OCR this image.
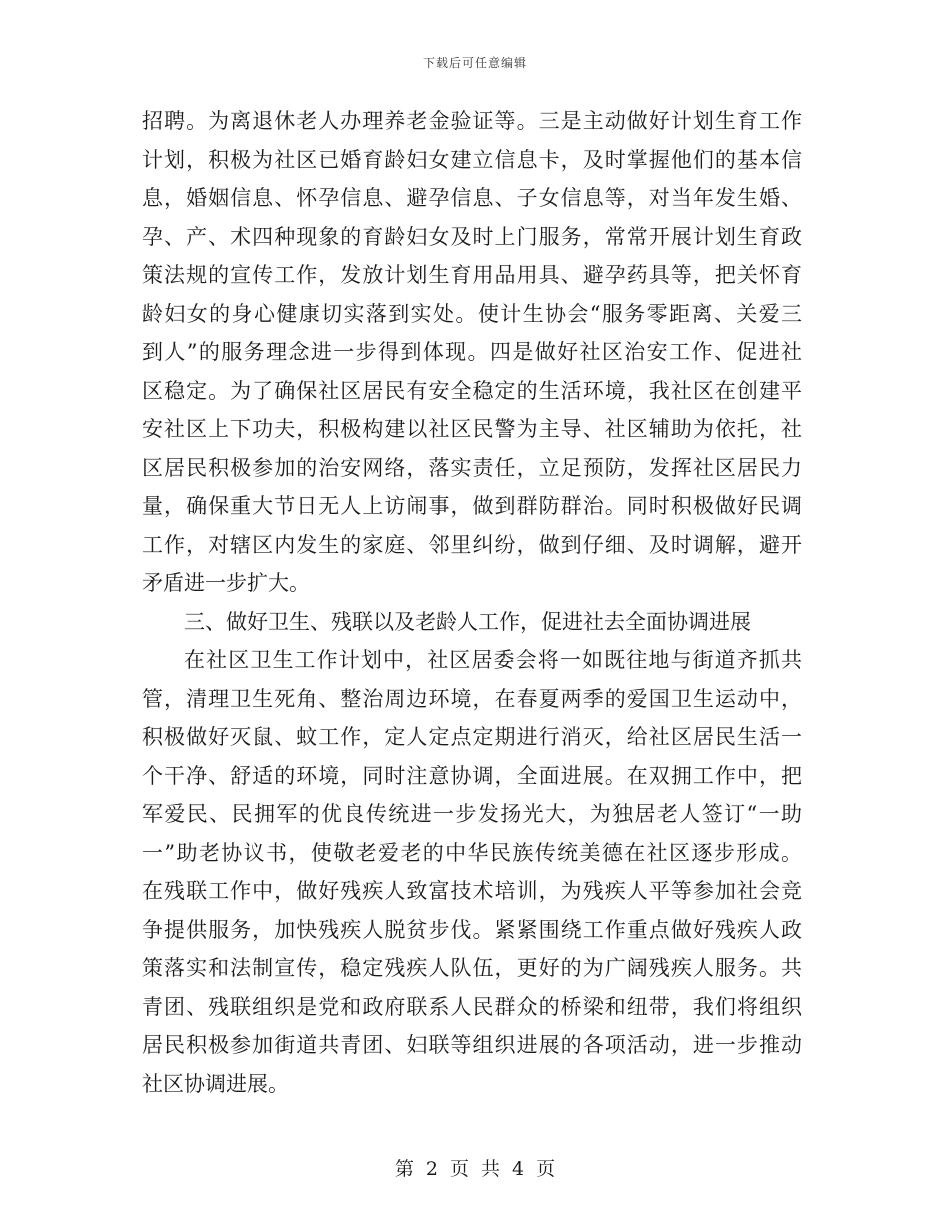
下载后可任意编辑
招聘。为离退休老人办理养老金验证等。三是主动做好计划生育工作
计划，积极为社区已婚育龄妇女建立信息卡，及时掌握他们的基本信
息，婚姻信息、怀孕信息、避孕信息、子女信息等，对当年发生婚、
孕、产、术四种现象的育龄妇女及时上门服务，常常开展计划生育政
策法规的宣传工作，发放计划生育用品用具、避孕药具等，把关怀育
龄妇女的身心健康切实落到实处。使计生协会“服务零距离、关爱三
到人”的服务理念进一步得到体现。四是做好社区治安工作、促进社
区稳定。为了确保社区居民有安全稳定的生活环境，我社区在创建平
安社区上下功夫，积极构建以社区民警为主导、社区辅助为依托，社
区居民积极参加的治安网络，落实责任，立足预防，发挥社区居民力
量，确保重大节日无人上访闹事，做到群防群治。同时积极做好民调
工作，对辖区内发生的家庭、邻里纠纷，做到仔细、及时调解，避开
矛盾进一步扩大。
三、做好卫生、残联以及老龄人工作，促进社去全面协调进展
在社区卫生工作计划中，社区居委会将一如既往地与街道齐抓共
管，清理卫生死角、整治周边环境，在春夏两季的爱国卫生运动中，
积极做好灭鼠、蚊工作，定人定点定期进行消灭，给社区居民生活一
个干净、舒适的环境，同时注意协调，全面进展。在双拥工作中，把
军爱民、民拥军的优良传统进一步发扬光大，为独居老人签订“一助
一”助老协议书，使敬老爱老的中华民族传统美德在社区逐步形成。
在残联工作中，做好残疾人致富技术培训，为残疾人平等参加社会竞
争提供服务，加快残疾人脱贫步伐。紧紧围绕工作重点做好残疾人政
策落实和法制宣传，稳定残疾人队伍，更好的为广阔残疾人服务。共
青团、残联组织是党和政府联系人民群众的桥梁和纽带，我们将组织
居民积极参加街道共青团、妇联等组织进展的各项活动，进一步推动
社区协调进展。
第 2 页 共 4 页
